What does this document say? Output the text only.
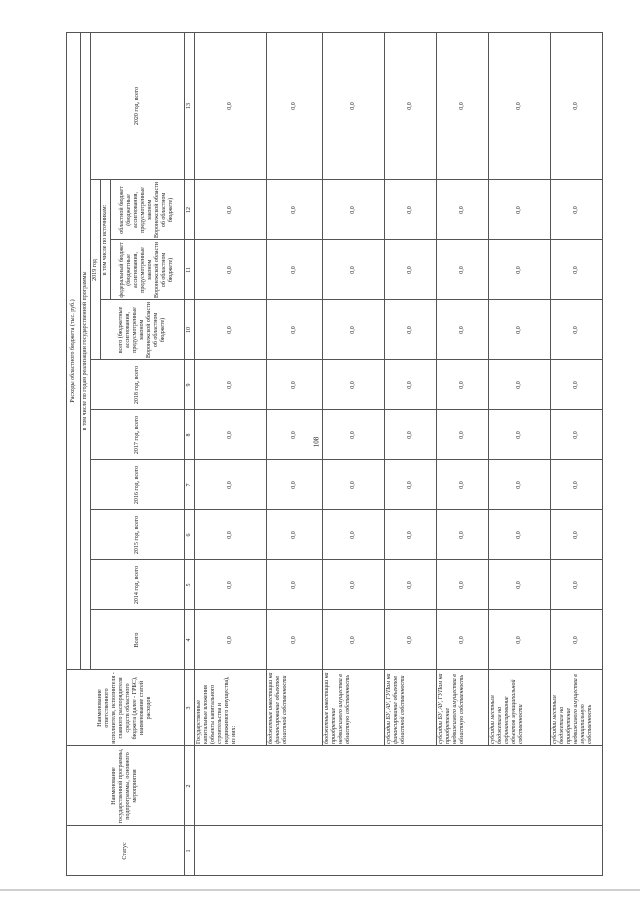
108
Статус
Наименование государственной программы, подпрограммы, основного мероприятия
Наименование ответственного исполнителя, исполнителя - главного распорядителя средств областного бюджета (далее - ГРБС), наименование статей расходов
Расходы областного бюджета (тыс. руб.)	в том числе по годам реализации государственной программы
Всего
2014 год, всего
2015 год, всего
2016 год, всего
2017 год, всего
2018 год, всего
2019 год
всего (бюджетные ассигнования, предусмотренные законом Воронежской области об областном бюджете)
в том числе по источникам:	федеральный бюджет (бюджетные ассигнования, предусмотренные законом Воронежской области об областном бюджете)
областной бюджет (бюджетные ассигнования, предусмотренные законом Воронежской области об областном бюджете)
2020 год, всего
1
2
3
4
5
6
7
8
9
10
11
12
13
Государственные капитальные вложения (объекты капитального строительства и недвижимого имущества), из них:
0,0
0,0
0,0
0,0
0,0
0,0
0,0
0,0
0,0
0,0
бюджетные инвестиции на финансирование объектов областной собственности
0,0
0,0
0,0
0,0
0,0
0,0
0,0
0,0
0,0
0,0
бюджетные инвестиции на приобретение недвижимого имущества в областную собственность
0,0
0,0
0,0
0,0
0,0
0,0
0,0
0,0
0,0
0,0
субсидии БУ, АУ, ГУПам на финансирование объектов областной собственности
0,0
0,0
0,0
0,0
0,0
0,0
0,0
0,0
0,0
0,0
субсидии БУ, АУ, ГУПам на приобретение недвижимого имущества в областную собственность
0,0
0,0
0,0
0,0
0,0
0,0
0,0
0,0
0,0
0,0
субсидии местным бюджетам на софинансирование объектов муниципальной собственности
0,0
0,0
0,0
0,0
0,0
0,0
0,0
0,0
0,0
0,0
субсидии местным бюджетам на приобретение недвижимого имущества в муниципальную собственность
0,0
0,0
0,0
0,0
0,0
0,0
0,0
0,0
0,0
0,0
